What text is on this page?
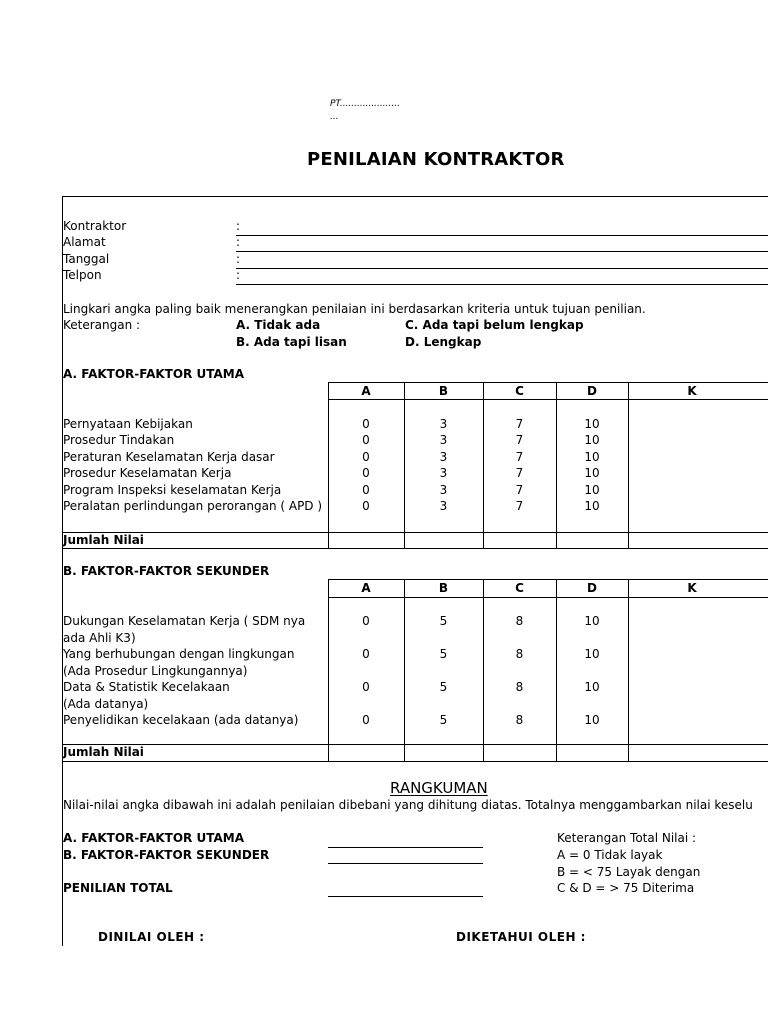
PT.....................
...
PENILAIAN KONTRAKTOR
Kontraktor	:
Alamat	:
Tanggal	:
Telpon	:
Lingkari angka paling baik menerangkan penilaian ini berdasarkan kriteria untuk tujuan penilian.
Keterangan :	A. Tidak ada	C. Ada tapi belum lengkap
B. Ada tapi lisan	D. Lengkap
A. FAKTOR-FAKTOR UTAMA
A	B	C	D	K
Pernyataan Kebijakan	0	3	7	10
Prosedur Tindakan	0	3	7	10
Peraturan Keselamatan Kerja dasar	0	3	7	10
Prosedur Keselamatan Kerja	0	3	7	10
Program Inspeksi keselamatan Kerja	0	3	7	10
Peralatan perlindungan perorangan ( APD )	0	3	7	10
Jumlah Nilai
B. FAKTOR-FAKTOR SEKUNDER
A	B	C	D	K
Dukungan Keselamatan Kerja ( SDM nya
ada Ahli K3)
0	5	8	10
Yang berhubungan dengan lingkungan
(Ada Prosedur Lingkungannya)
0	5	8	10
Data & Statistik Kecelakaan
(Ada datanya)
0	5	8	10
Penyelidikan kecelakaan (ada datanya)	0	5	8	10
Jumlah Nilai
RANGKUMAN
Nilai-nilai angka dibawah ini adalah penilaian dibebani yang dihitung diatas. Totalnya menggambarkan nilai keselu
A. FAKTOR-FAKTOR UTAMA
B. FAKTOR-FAKTOR SEKUNDER
PENILIAN TOTAL
Keterangan Total Nilai :
A = 0 Tidak layak
B = < 75 Layak dengan
C & D = > 75 Diterima
DINILAI OLEH :	DIKETAHUI OLEH :
